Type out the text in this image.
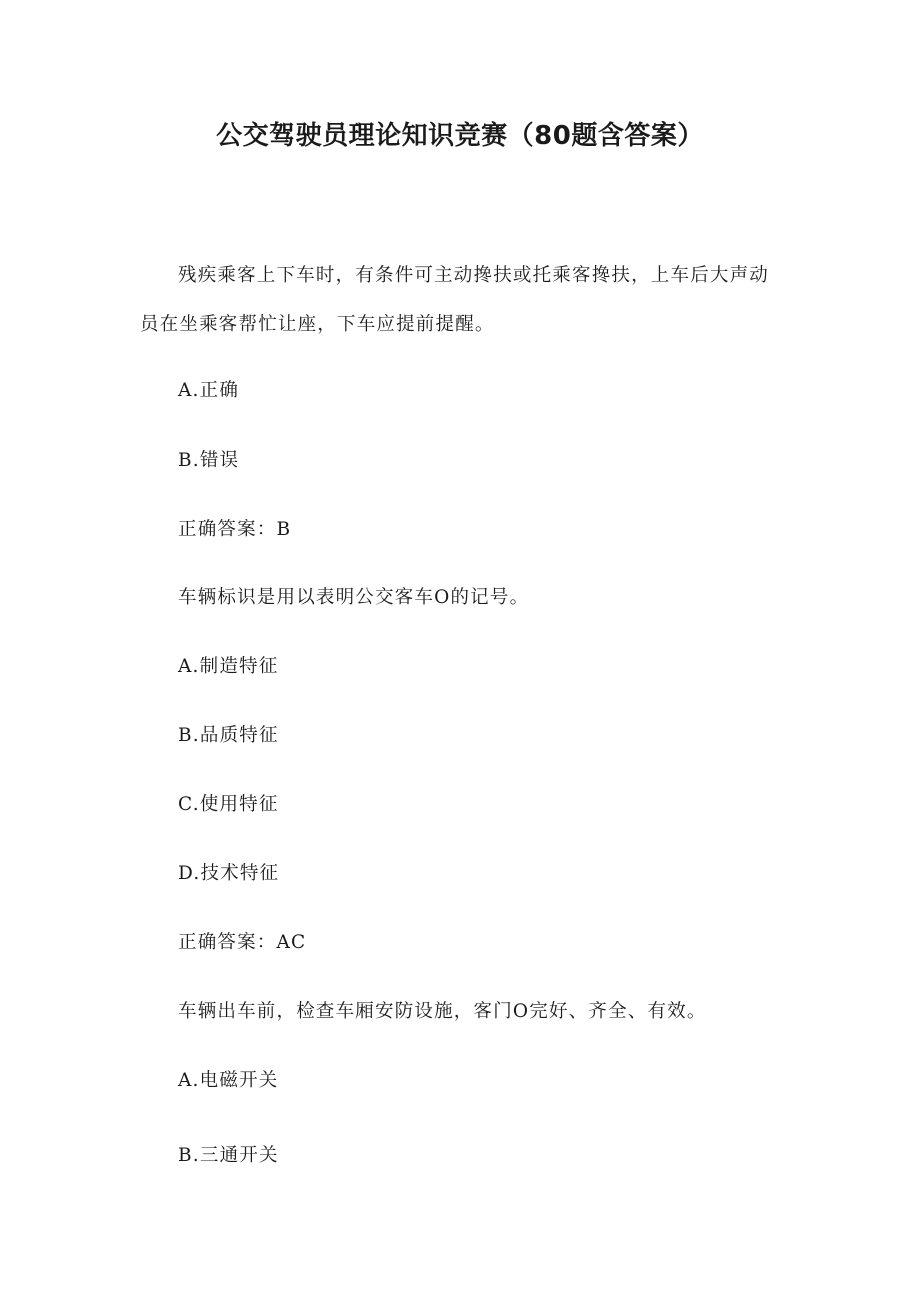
公交驾驶员理论知识竞赛（80题含答案）
残疾乘客上下车时，有条件可主动搀扶或托乘客搀扶，上车后大声动
员在坐乘客帮忙让座，下车应提前提醒。
A.正确
B.错误
正确答案：B
车辆标识是用以表明公交客车O的记号。
A.制造特征
B.品质特征
C.使用特征
D.技术特征
正确答案：AC
车辆出车前，检查车厢安防设施，客门O完好、齐全、有效。
A.电磁开关
B.三通开关
